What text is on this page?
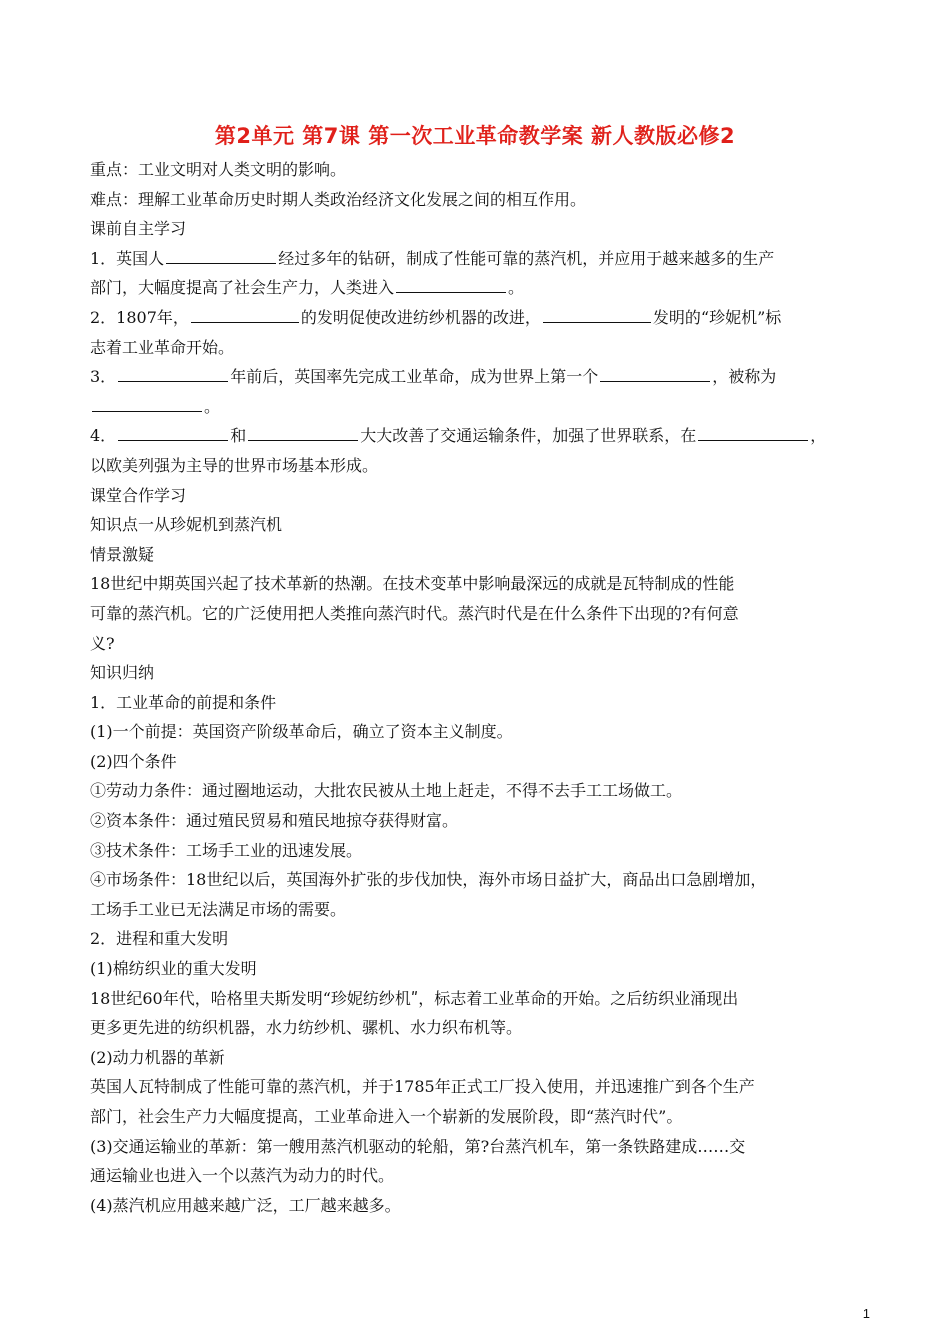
第2单元 第7课 第一次工业革命教学案 新人教版必修2
重点：工业文明对人类文明的影响。
难点：理解工业革命历史时期人类政治经济文化发展之间的相互作用。
课前自主学习
1．英国人	经过多年的钻研，制成了性能可靠的蒸汽机，并应用于越来越多的生产
部门，大幅度提高了社会生产力，人类进入	。
2．1807年，	的发明促使改进纺纱机器的改进，	发明的“珍妮机”标
志着工业革命开始。
3．	年前后，英国率先完成工业革命，成为世界上第一个	，被称为
。
4．	和	大大改善了交通运输条件，加强了世界联系，在	，
以欧美列强为主导的世界市场基本形成。
课堂合作学习
知识点一从珍妮机到蒸汽机
情景激疑
18世纪中期英国兴起了技术革新的热潮。在技术变革中影响最深远的成就是瓦特制成的性能
可靠的蒸汽机。它的广泛使用把人类推向蒸汽时代。蒸汽时代是在什么条件下出现的?有何意
义?
知识归纳
1．工业革命的前提和条件
(1)一个前提：英国资产阶级革命后，确立了资本主义制度。
(2)四个条件
①劳动力条件：通过圈地运动，大批农民被从土地上赶走，不得不去手工工场做工。
②资本条件：通过殖民贸易和殖民地掠夺获得财富。
③技术条件：工场手工业的迅速发展。
④市场条件：18世纪以后，英国海外扩张的步伐加快，海外市场日益扩大，商品出口急剧增加，
工场手工业已无法满足市场的需要。
2．进程和重大发明
(1)棉纺织业的重大发明
18世纪60年代，哈格里夫斯发明“珍妮纺纱机ʺ，标志着工业革命的开始。之后纺织业涌现出
更多更先进的纺织机器，水力纺纱机、骡机、水力织布机等。
(2)动力机器的革新
英国人瓦特制成了性能可靠的蒸汽机，并于1785年正式工厂投入使用，并迅速推广到各个生产
部门，社会生产力大幅度提高，工业革命进入一个崭新的发展阶段，即“蒸汽时代”。
(3)交通运输业的革新：第一艘用蒸汽机驱动的轮船，第?台蒸汽机车，第一条铁路建成……交
通运输业也进入一个以蒸汽为动力的时代。
(4)蒸汽机应用越来越广泛，工厂越来越多。
1
